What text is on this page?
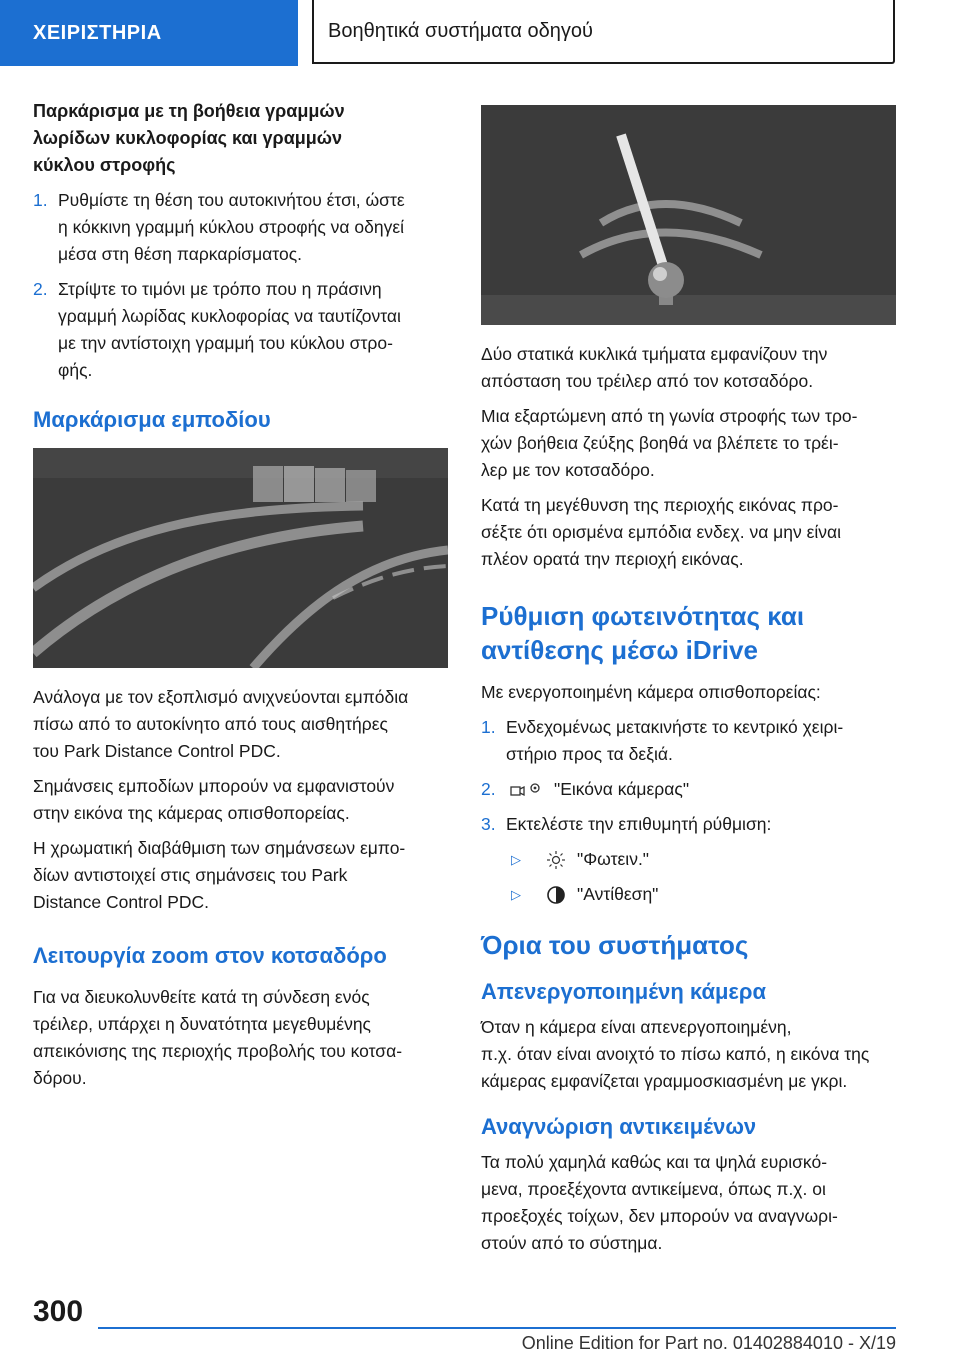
ΧΕΙΡΙΣΤΗΡΙΑ	Βοηθητικά συστήματα οδηγού
Παρκάρισμα με τη βοήθεια γραμμών
λωρίδων κυκλοφορίας και γραμμών
κύκλου στροφής
1. Ρυθμίστε τη θέση του αυτοκινήτου έτσι, ώστε
η κόκκινη γραμμή κύκλου στροφής να οδηγεί
μέσα στη θέση παρκαρίσματος.
2. Στρίψτε το τιμόνι με τρόπο που η πράσινη
γραμμή λωρίδας κυκλοφορίας να ταυτίζονται
με την αντίστοιχη γραμμή του κύκλου στρο-
φής.
Μαρκάρισμα εμποδίου
Ανάλογα με τον εξοπλισμό ανιχνεύονται εμπόδια
πίσω από το αυτοκίνητο από τους αισθητήρες
του Park Distance Control PDC.
Σημάνσεις εμποδίων μπορούν να εμφανιστούν
στην εικόνα της κάμερας οπισθοπορείας.
Η χρωματική διαβάθμιση των σημάνσεων εμπο-
δίων αντιστοιχεί στις σημάνσεις του Park
Distance Control PDC.
Λειτουργία zoom στον κοτσαδόρο
Για να διευκολυνθείτε κατά τη σύνδεση ενός
τρέιλερ, υπάρχει η δυνατότητα μεγεθυμένης
απεικόνισης της περιοχής προβολής του κοτσα-
δόρου.
Δύο στατικά κυκλικά τμήματα εμφανίζουν την
απόσταση του τρέιλερ από τον κοτσαδόρο.
Μια εξαρτώμενη από τη γωνία στροφής των τρο-
χών βοήθεια ζεύξης βοηθά να βλέπετε το τρέι-
λερ με τον κοτσαδόρο.
Κατά τη μεγέθυνση της περιοχής εικόνας προ-
σέξτε ότι ορισμένα εμπόδια ενδεχ. να μην είναι
πλέον ορατά την περιοχή εικόνας.
Ρύθμιση φωτεινότητας και
αντίθεσης μέσω iDrive
Με ενεργοποιημένη κάμερα οπισθοπορείας:
1. Ενδεχομένως μετακινήστε το κεντρικό χειρι-
στήριο προς τα δεξιά.
2.	"Εικόνα κάμερας"
3. Εκτελέστε την επιθυμητή ρύθμιση:
▷	"Φωτειν."
▷	"Αντίθεση"
Όρια του συστήματος
Απενεργοποιημένη κάμερα
Όταν η κάμερα είναι απενεργοποιημένη,
π.χ. όταν είναι ανοιχτό το πίσω καπό, η εικόνα της
κάμερας εμφανίζεται γραμμοσκιασμένη με γκρι.
Αναγνώριση αντικειμένων
Τα πολύ χαμηλά καθώς και τα ψηλά ευρισκό-
μενα, προεξέχοντα αντικείμενα, όπως π.χ. οι
προεξοχές τοίχων, δεν μπορούν να αναγνωρι-
στούν από το σύστημα.
300
Online Edition for Part no. 01402884010 - X/19
